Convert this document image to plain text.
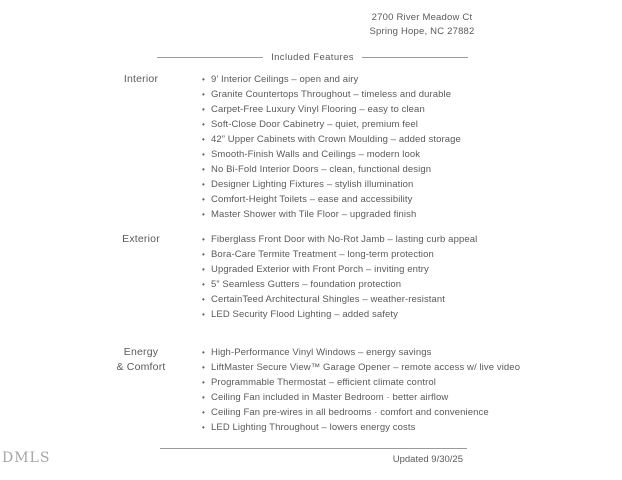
2700 River Meadow Ct
Spring Hope, NC 27882
Included Features
Interior	• 9’ Interior Ceilings – open and airy
• Granite Countertops Throughout – timeless and durable
• Carpet-Free Luxury Vinyl Flooring – easy to clean
• Soft-Close Door Cabinetry – quiet, premium feel
• 42” Upper Cabinets with Crown Moulding – added storage
• Smooth-Finish Walls and Ceilings – modern look
• No Bi-Fold Interior Doors – clean, functional design
• Designer Lighting Fixtures – stylish illumination
• Comfort-Height Toilets – ease and accessibility
• Master Shower with Tile Floor – upgraded finish
Exterior	• Fiberglass Front Door with No-Rot Jamb – lasting curb appeal
• Bora-Care Termite Treatment – long-term protection
• Upgraded Exterior with Front Porch – inviting entry
• 5” Seamless Gutters – foundation protection
• CertainTeed Architectural Shingles – weather-resistant
• LED Security Flood Lighting – added safety
Energy
& Comfort
• High-Performance Vinyl Windows – energy savings
• LiftMaster Secure View™ Garage Opener – remote access w/ live video
• Programmable Thermostat – efficient climate control
• Ceiling Fan included in Master Bedroom · better airflow
• Ceiling Fan pre-wires in all bedrooms · comfort and convenience
• LED Lighting Throughout – lowers energy costs
DMLS	Updated 9/30/25
